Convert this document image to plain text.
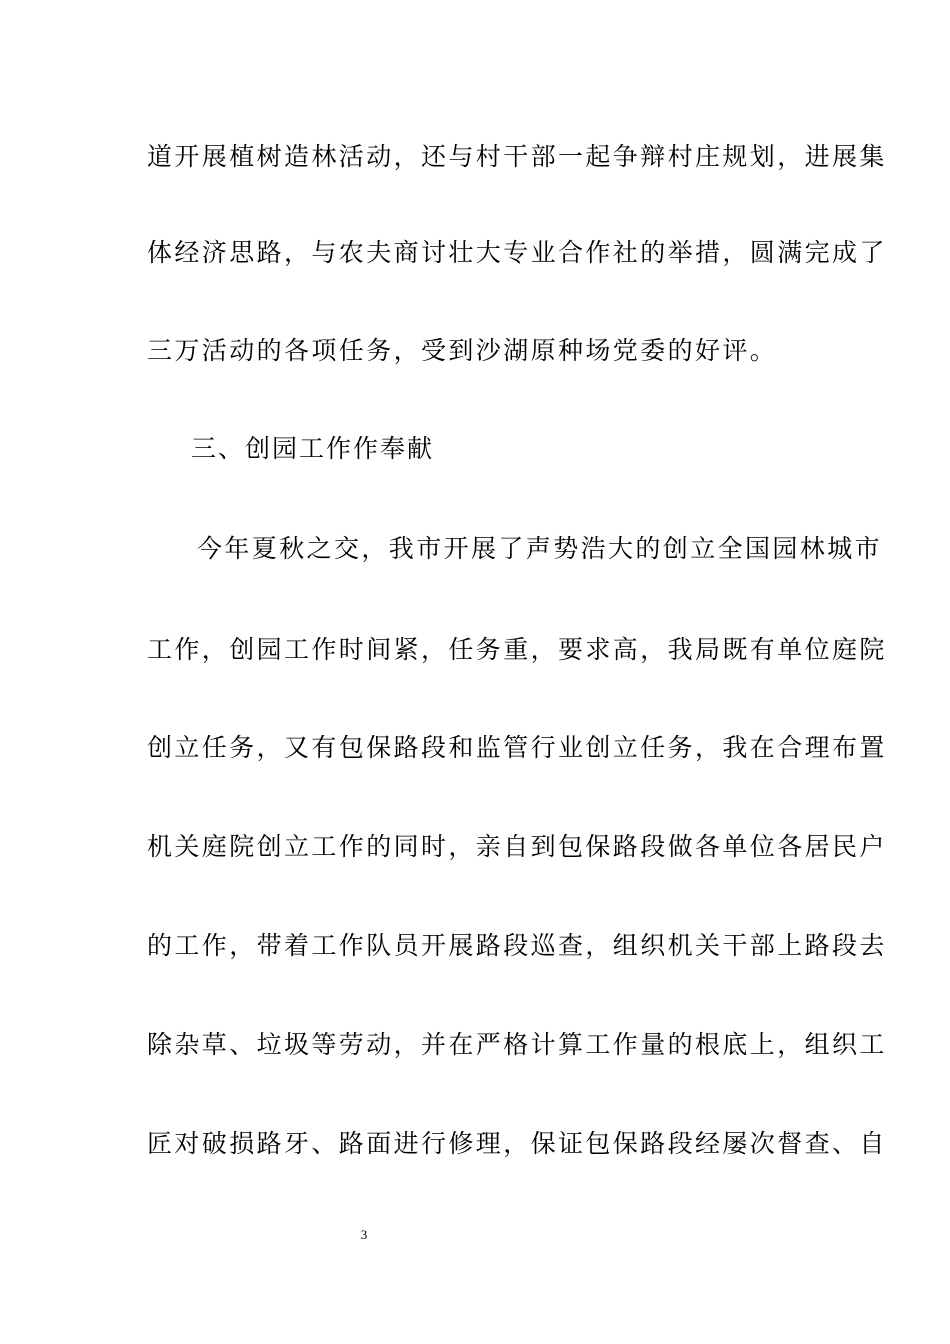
道开展植树造林活动，还与村干部一起争辩村庄规划，进展集
体经济思路，与农夫商讨壮大专业合作社的举措，圆满完成了
三万活动的各项任务，受到沙湖原种场党委的好评。
三、创园工作作奉献
今年夏秋之交，我市开展了声势浩大的创立全国园林城市
工作，创园工作时间紧，任务重，要求高，我局既有单位庭院
创立任务，又有包保路段和监管行业创立任务，我在合理布置
机关庭院创立工作的同时，亲自到包保路段做各单位各居民户
的工作，带着工作队员开展路段巡查，组织机关干部上路段去
除杂草、垃圾等劳动，并在严格计算工作量的根底上，组织工
匠对破损路牙、路面进行修理，保证包保路段经屡次督查、自
3
